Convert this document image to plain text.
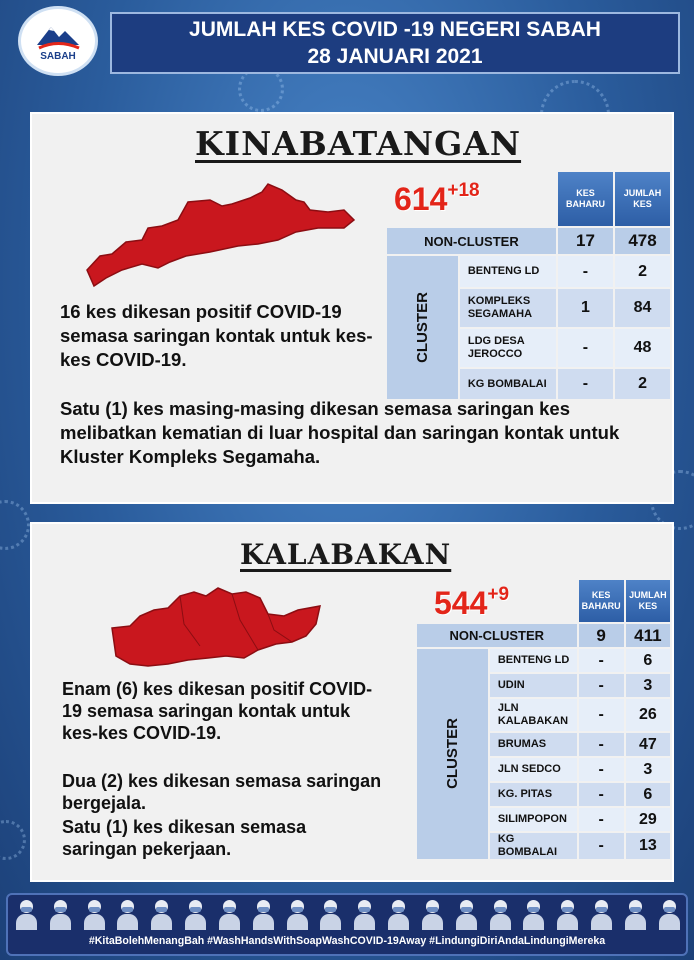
SABAH
JUMLAH KES COVID -19 NEGERI SABAH
28 JANUARI 2021
KINABATANGAN
$614^{+18}$
			KES BAHARU	JUMLAH KES
NON-CLUSTER		17	478
CLUSTER	BENTENG LD	-	2
	KOMPLEKS SEGAMAHA	1	84
	LDG DESA JEROCCO	-	48
	KG BOMBALAI	-	2
16 kes dikesan positif COVID-19 semasa saringan kontak untuk kes-kes COVID-19.
Satu (1) kes masing-masing dikesan semasa saringan kes melibatkan kematian di luar hospital dan saringan kontak untuk Kluster Kompleks Segamaha.
KALABAKAN
$544^{+9}$
			KES BAHARU	JUMLAH KES
NON-CLUSTER		9	411
CLUSTER	BENTENG LD	-	6
	UDIN	-	3
	JLN KALABAKAN	-	26
	BRUMAS	-	47
	JLN SEDCO	-	3
	KG. PITAS	-	6
	SILIMPOPON	-	29
	KG BOMBALAI	-	13
Enam (6) kes dikesan positif COVID-19 semasa saringan kontak untuk kes-kes COVID-19.
Dua (2) kes dikesan semasa saringan bergejala.
Satu (1) kes dikesan semasa saringan pekerjaan.
#KitaBolehMenangBah #WashHandsWithSoapWashCOVID-19Away #LindungiDiriAndaLindungiMereka
